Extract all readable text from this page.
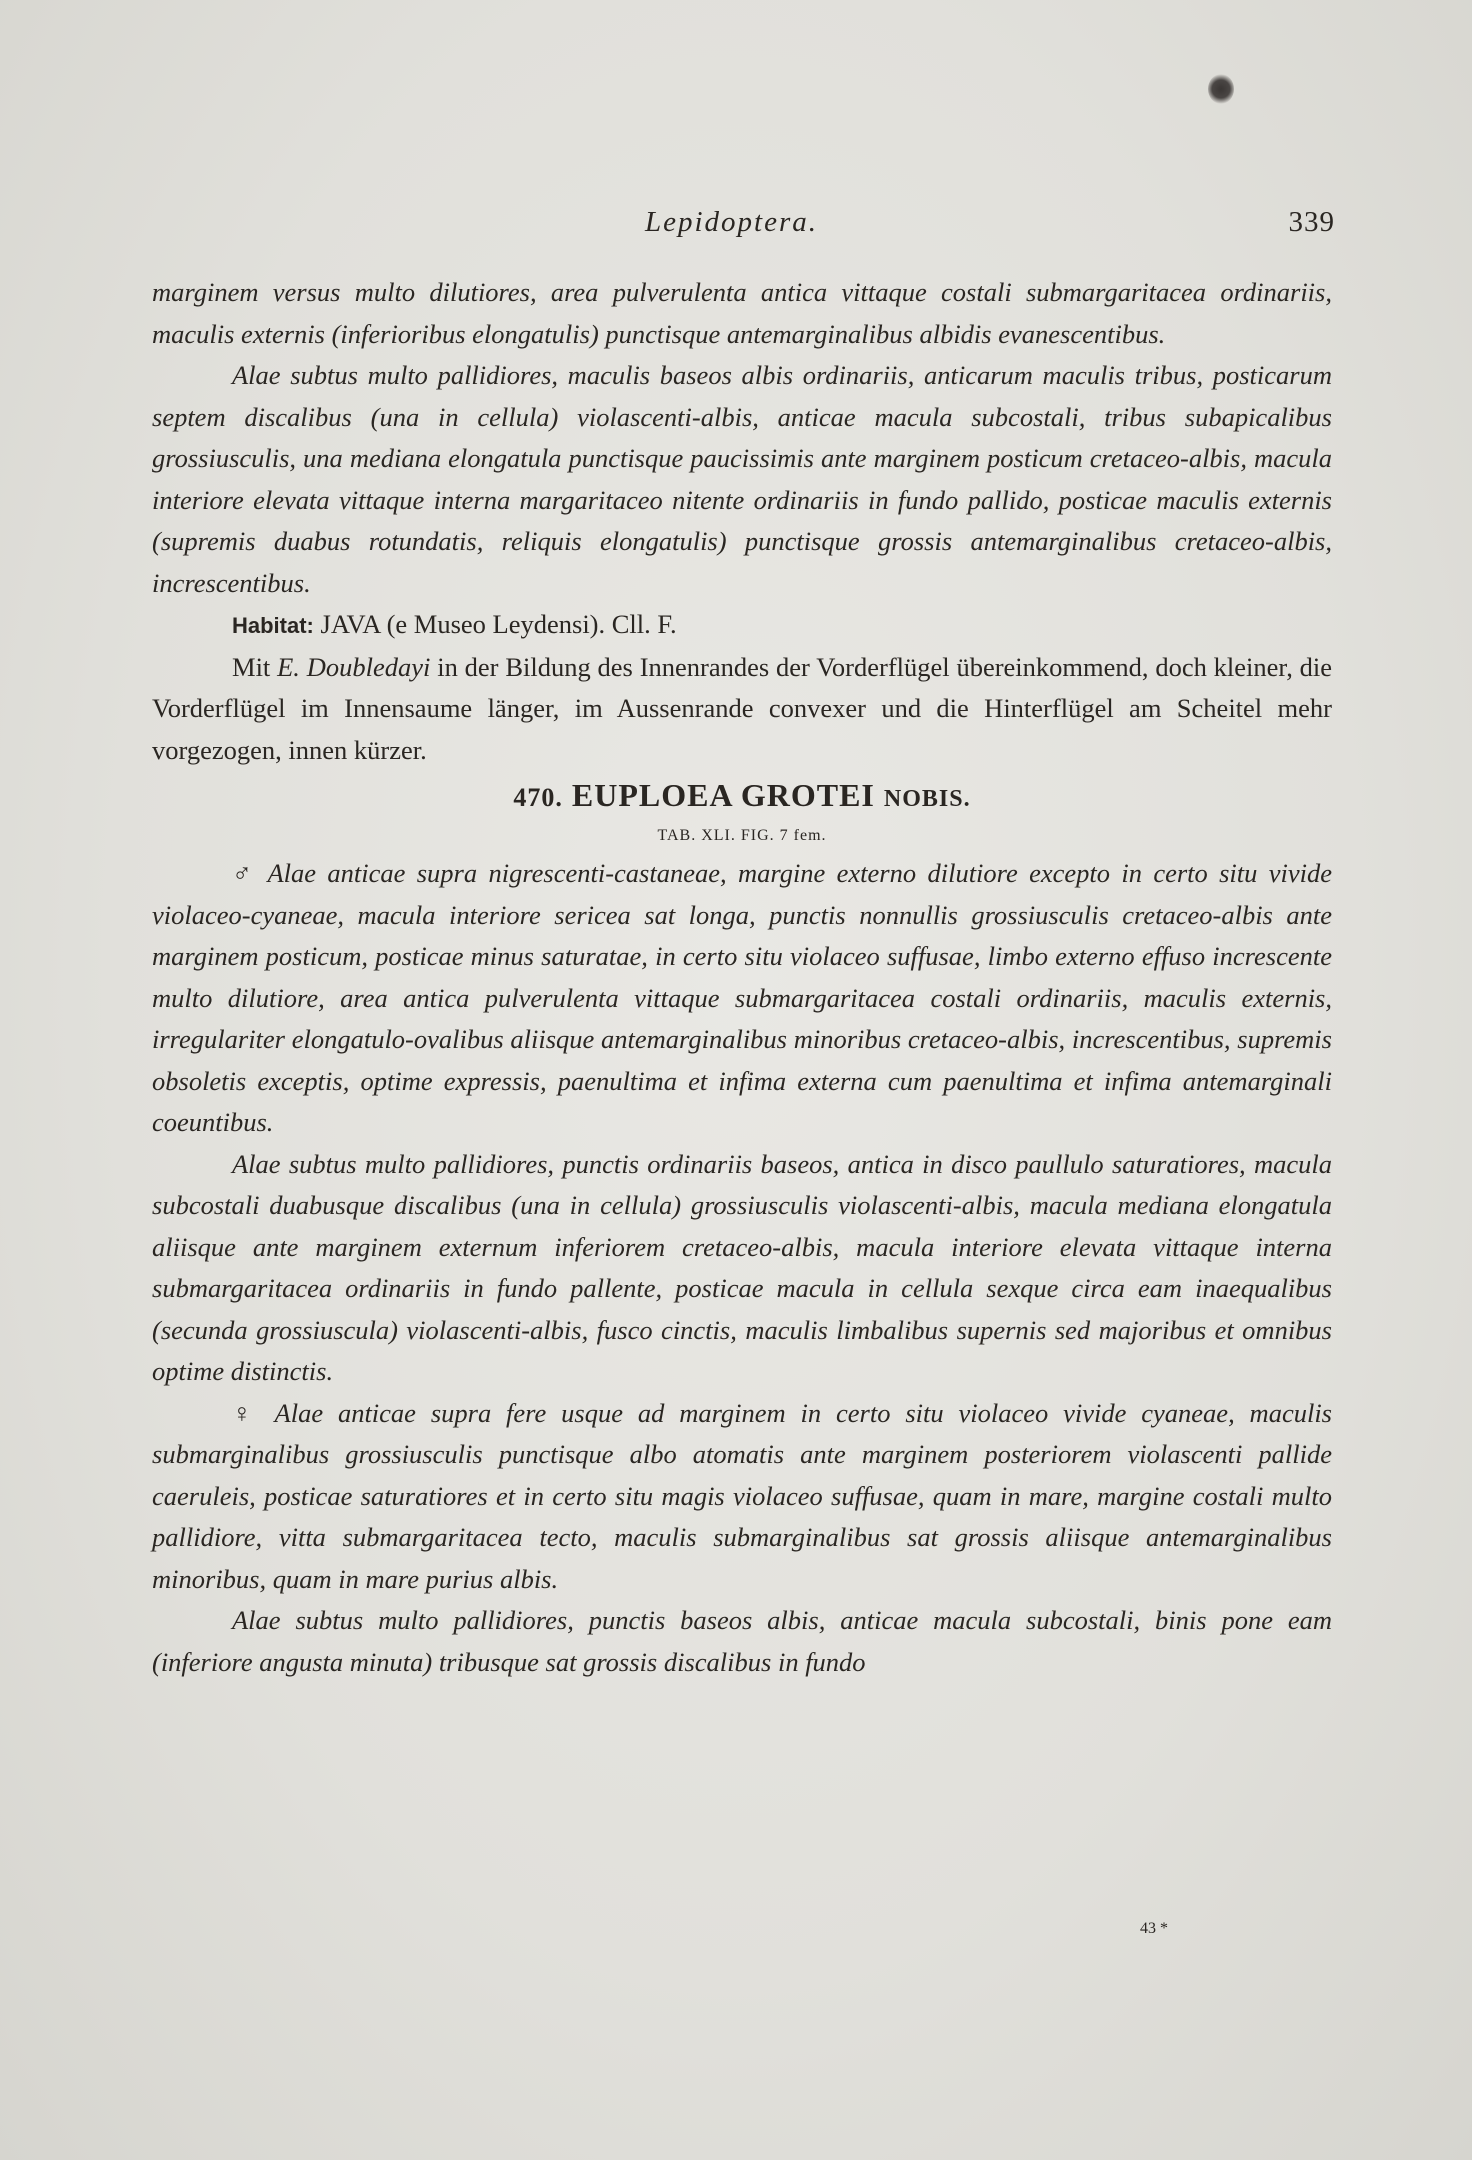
Lepidoptera.	339

marginem versus multo dilutiores, area pulverulenta antica vittaque costali submargaritacea ordinariis, maculis externis (inferioribus elongatulis) punctisque antemarginalibus albidis evanescentibus.

Alae subtus multo pallidiores, maculis baseos albis ordinariis, anticarum maculis tribus, posticarum septem discalibus (una in cellula) violascenti-albis, anticae macula subcostali, tribus subapicalibus grossiusculis, una mediana elongatula punctisque paucissimis ante marginem posticum cretaceo-albis, macula interiore elevata vittaque interna margaritaceo nitente ordinariis in fundo pallido, posticae maculis externis (supremis duabus rotundatis, reliquis elongatulis) punctisque grossis antemarginalibus cretaceo-albis, increscentibus.

Habitat: JAVA (e Museo Leydensi). Cll. F.

Mit E. Doubledayi in der Bildung des Innenrandes der Vorderflügel übereinkommend, doch kleiner, die Vorderflügel im Innensaume länger, im Aussenrande convexer und die Hinterflügel am Scheitel mehr vorgezogen, innen kürzer.

470. EUPLOEA GROTEI NOBIS.
TAB. XLI. FIG. 7 fem.

♂ Alae anticae supra nigrescenti-castaneae, margine externo dilutiore excepto in certo situ vivide violaceo-cyaneae, macula interiore sericea sat longa, punctis nonnullis grossiusculis cretaceo-albis ante marginem posticum, posticae minus saturatae, in certo situ violaceo suffusae, limbo externo effuso increscente multo dilutiore, area antica pulverulenta vittaque submargaritacea costali ordinariis, maculis externis, irregulariter elongatulo-ovalibus aliisque antemarginalibus minoribus cretaceo-albis, increscentibus, supremis obsoletis exceptis, optime expressis, paenultima et infima externa cum paenultima et infima antemarginali coeuntibus.

Alae subtus multo pallidiores, punctis ordinariis baseos, antica in disco paullulo saturatiores, macula subcostali duabusque discalibus (una in cellula) grossiusculis violascenti-albis, macula mediana elongatula aliisque ante marginem externum inferiorem cretaceo-albis, macula interiore elevata vittaque interna submargaritacea ordinariis in fundo pallente, posticae macula in cellula sexque circa eam inaequalibus (secunda grossiuscula) violascenti-albis, fusco cinctis, maculis limbalibus supernis sed majoribus et omnibus optime distinctis.

♀ Alae anticae supra fere usque ad marginem in certo situ violaceo vivide cyaneae, maculis submarginalibus grossiusculis punctisque albo atomatis ante marginem posteriorem violascenti pallide caeruleis, posticae saturatiores et in certo situ magis violaceo suffusae, quam in mare, margine costali multo pallidiore, vitta submargaritacea tecto, maculis submarginalibus sat grossis aliisque antemarginalibus minoribus, quam in mare purius albis.

Alae subtus multo pallidiores, punctis baseos albis, anticae macula subcostali, binis pone eam (inferiore angusta minuta) tribusque sat grossis discalibus in fundo

43 *
